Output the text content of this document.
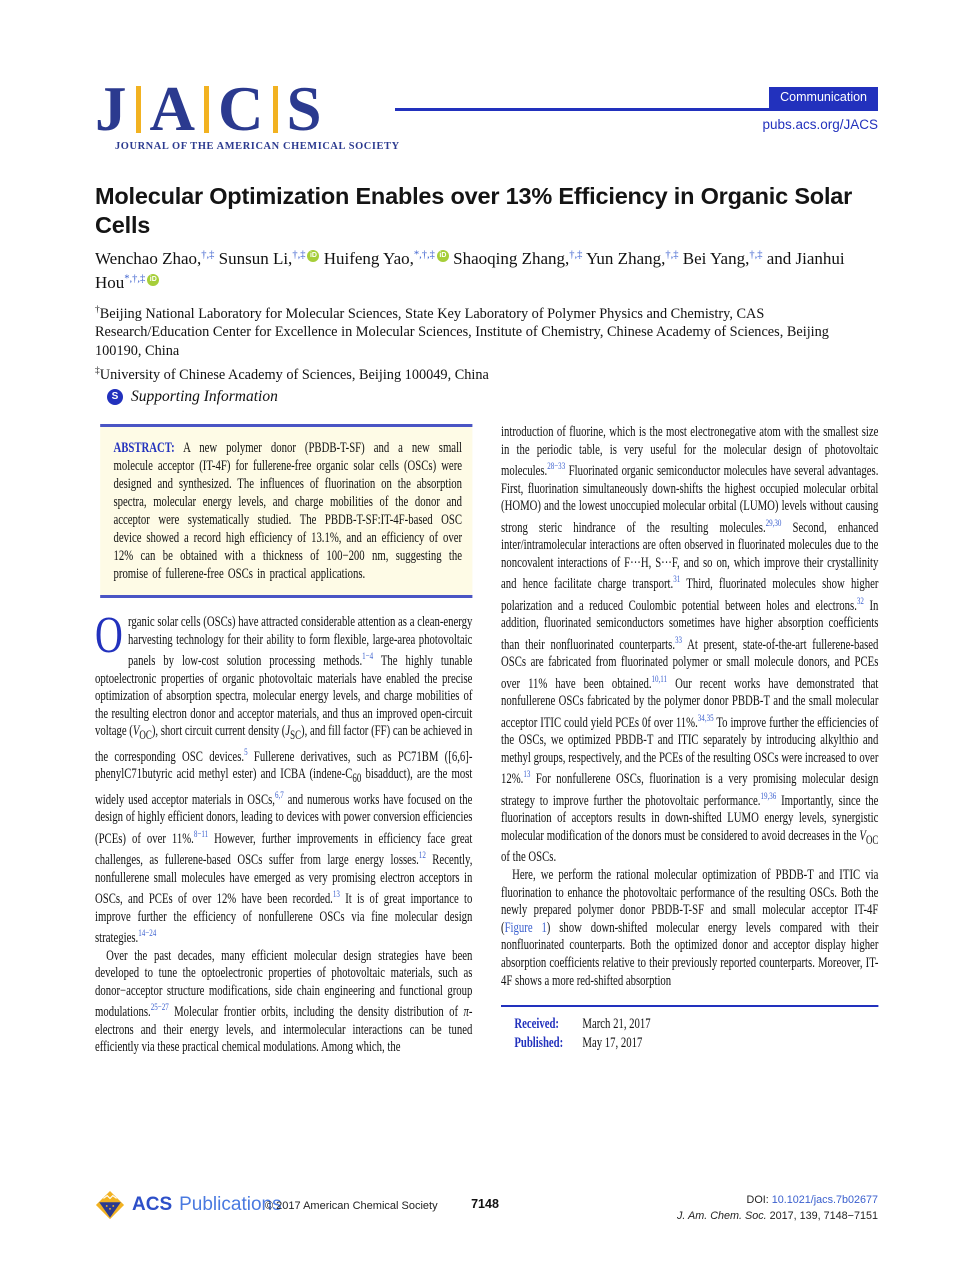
J A C S
JOURNAL OF THE AMERICAN CHEMICAL SOCIETY
Communication
pubs.acs.org/JACS
Molecular Optimization Enables over 13% Efficiency in Organic Solar Cells
Wenchao Zhao,†,‡ Sunsun Li,†,‡ iD Huifeng Yao,*,†,‡ iD Shaoqing Zhang,†,‡ Yun Zhang,†,‡ Bei Yang,†,‡ and Jianhui Hou*,†,‡ iD

†Beijing National Laboratory for Molecular Sciences, State Key Laboratory of Polymer Physics and Chemistry, CAS Research/Education Center for Excellence in Molecular Sciences, Institute of Chemistry, Chinese Academy of Sciences, Beijing 100190, China

‡University of Chinese Academy of Sciences, Beijing 100049, China

S Supporting Information
ABSTRACT: A new polymer donor (PBDB-T-SF) and a new small molecule acceptor (IT-4F) for fullerene-free organic solar cells (OSCs) were designed and synthesized. The influences of fluorination on the absorption spectra, molecular energy levels, and charge mobilities of the donor and acceptor were systematically studied. The PBDB-T-SF:IT-4F-based OSC device showed a record high efficiency of 13.1%, and an efficiency of over 12% can be obtained with a thickness of 100−200 nm, suggesting the promise of fullerene-free OSCs in practical applications.

Organic solar cells (OSCs) have attracted considerable attention as a clean-energy harvesting technology for their ability to form flexible, large-area photovoltaic panels by low-cost solution processing methods.$^{1-4}$ The highly tunable optoelectronic properties of organic photovoltaic materials have enabled the precise optimization of absorption spectra, molecular energy levels, and charge mobilities of the resulting electron donor and acceptor materials, and thus an improved open-circuit voltage $(V_{OC})$, short circuit current density $(J_{SC})$, and fill factor (FF) can be achieved in the corresponding OSC devices.$^5$ Fullerene derivatives, such as PC71BM ([6,6]-phenylC71butyric acid methyl ester) and ICBA ($indene-C_{60}$ bisadduct), are the most widely used acceptor materials in OSCs,$^{6,7}$ and numerous works have focused on the design of highly efficient donors, leading to devices with power conversion efficiencies (PCEs) of over 11%.$^{8-11}$ However, further improvements in efficiency face great challenges, as fullerene-based OSCs suffer from large energy losses.$^{12}$ Recently, nonfullerene small molecules have emerged as very promising electron acceptors in OSCs, and PCEs of over 12% have been recorded.$^{13}$ It is of great importance to improve further the efficiency of nonfullerene OSCs via fine molecular design strategies.$^{14-24}$

Over the past decades, many efficient molecular design strategies have been developed to tune the optoelectronic properties of photovoltaic materials, such as donor−acceptor structure modifications, side chain engineering and functional group modulations.$^{25-27}$ Molecular frontier orbits, including the density distribution of π-electrons and their energy levels, and intermolecular interactions can be tuned efficiently via these practical chemical modulations. Among which, the

introduction of fluorine, which is the most electronegative atom with the smallest size in the periodic table, is very useful for the molecular design of photovoltaic molecules.$^{28-33}$ Fluorinated organic semiconductor molecules have several advantages. First, fluorination simultaneously down-shifts the highest occupied molecular orbital (HOMO) and the lowest unoccupied molecular orbital (LUMO) levels without causing strong steric hindrance of the resulting molecules.$^{29,30}$ Second, enhanced inter/intramolecular interactions are often observed in fluorinated molecules due to the noncovalent interactions of F···H, S···F, and so on, which improve their crystallinity and hence facilitate charge transport.$^{31}$ Third, fluorinated molecules show higher polarization and a reduced Coulombic potential between holes and electrons.$^{32}$ In addition, fluorinated semiconductors sometimes have higher absorption coefficients than their nonfluorinated counterparts.$^{33}$ At present, state-of-the-art fullerene-based OSCs are fabricated from fluorinated polymer or small molecule donors, and PCEs over 11% have been obtained.$^{10,11}$ Our recent works have demonstrated that nonfullerene OSCs fabricated by the polymer donor PBDB-T and the small molecular acceptor ITIC could yield PCEs 0f over 11%.$^{34,35}$ To improve further the efficiencies of the OSCs, we optimized PBDB-T and ITIC separately by introducing alkylthio and methyl groups, respectively, and the PCEs of the resulting OSCs were increased to over 12%.$^{13}$ For nonfullerene OSCs, fluorination is a very promising molecular design strategy to improve further the photovoltaic performance.$^{19,36}$ Importantly, since the fluorination of acceptors results in down-shifted LUMO energy levels, synergistic molecular modification of the donors must be considered to avoid decreases in the $V_{OC}$ of the OSCs.

Here, we perform the rational molecular optimization of PBDB-T and ITIC via fluorination to enhance the photovoltaic performance of the resulting OSCs. Both the newly prepared polymer donor PBDB-T-SF and small molecular acceptor IT-4F (Figure 1) show down-shifted molecular energy levels compared with their nonfluorinated counterparts. Both the optimized donor and acceptor display higher absorption coefficients relative to their previously reported counterparts. Moreover, IT-4F shows a more red-shifted absorption

Received:	March 21, 2017
Published:	May 17, 2017
ACS Publications
© 2017 American Chemical Society	7148	DOI: 10.1021/jacs.7b02677
J. Am. Chem. Soc. 2017, 139, 7148−7151
